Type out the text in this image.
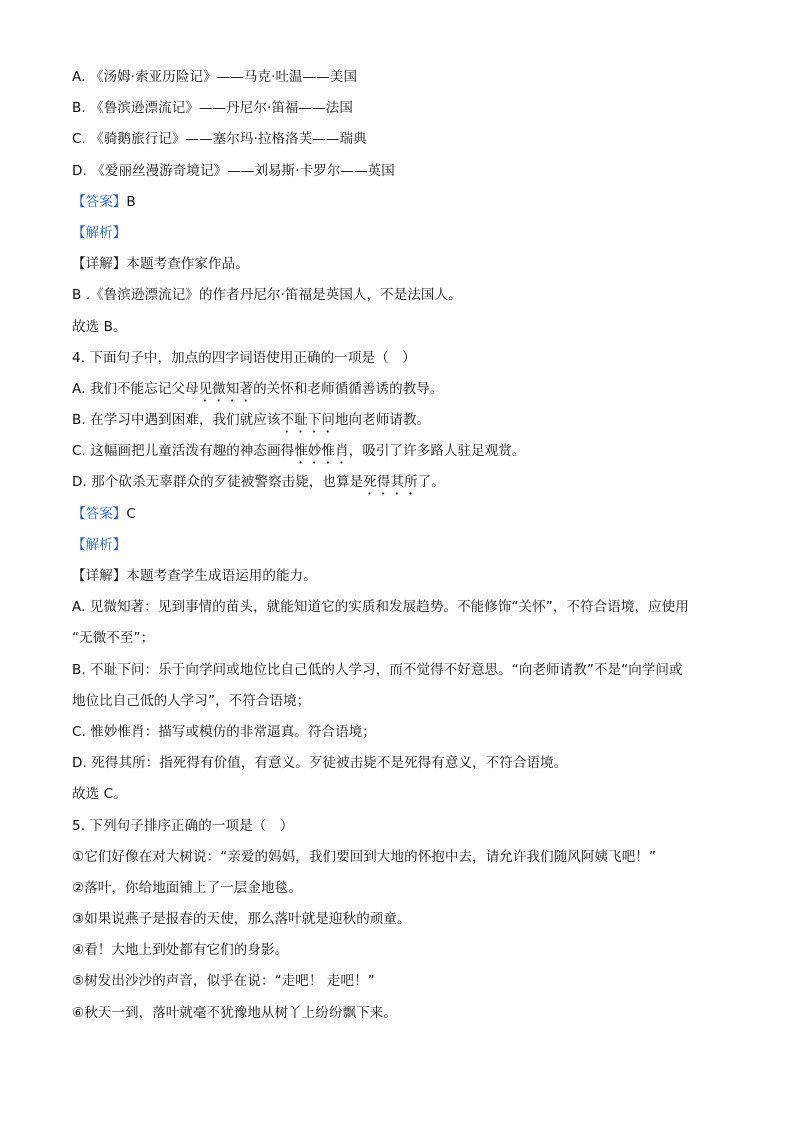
A. 《汤姆·索亚历险记》——马克·吐温——美国
B. 《鲁滨逊漂流记》——丹尼尔·笛福——法国
C. 《骑鹅旅行记》——塞尔玛·拉格洛芙——瑞典
D. 《爱丽丝漫游奇境记》——刘易斯·卡罗尔——英国
【答案】B
【解析】
【详解】本题考查作家作品。
B .《鲁滨逊漂流记》的作者丹尼尔·笛福是英国人，不是法国人。
故选 B。
4. 下面句子中，加点的四字词语使用正确的一项是（　）
A. 我们不能忘记父母见微知著的关怀和老师循循善诱的教导。
B. 在学习中遇到困难，我们就应该不耻下问地向老师请教。
C. 这幅画把儿童活泼有趣的神态画得惟妙惟肖，吸引了许多路人驻足观赏。
D. 那个砍杀无辜群众的歹徒被警察击毙，也算是死得其所了。
【答案】C
【解析】
【详解】本题考查学生成语运用的能力。
A. 见微知著：见到事情的苗头，就能知道它的实质和发展趋势。不能修饰“关怀”，不符合语境，应使用
“无微不至”；
B. 不耻下问：乐于向学问或地位比自己低的人学习，而不觉得不好意思。“向老师请教”不是“向学问或
地位比自己低的人学习”，不符合语境；
C. 惟妙惟肖：描写或模仿的非常逼真。符合语境；
D. 死得其所：指死得有价值，有意义。歹徒被击毙不是死得有意义，不符合语境。
故选 C。
5. 下列句子排序正确的一项是（　）
①它们好像在对大树说：“亲爱的妈妈，我们要回到大地的怀抱中去，请允许我们随风阿姨飞吧！”
②落叶，你给地面铺上了一层金地毯。
③如果说燕子是报春的天使，那么落叶就是迎秋的顽童。
④看！大地上到处都有它们的身影。
⑤树发出沙沙的声音，似乎在说：“走吧！ 走吧！”
⑥秋天一到，落叶就毫不犹豫地从树丫上纷纷飘下来。
